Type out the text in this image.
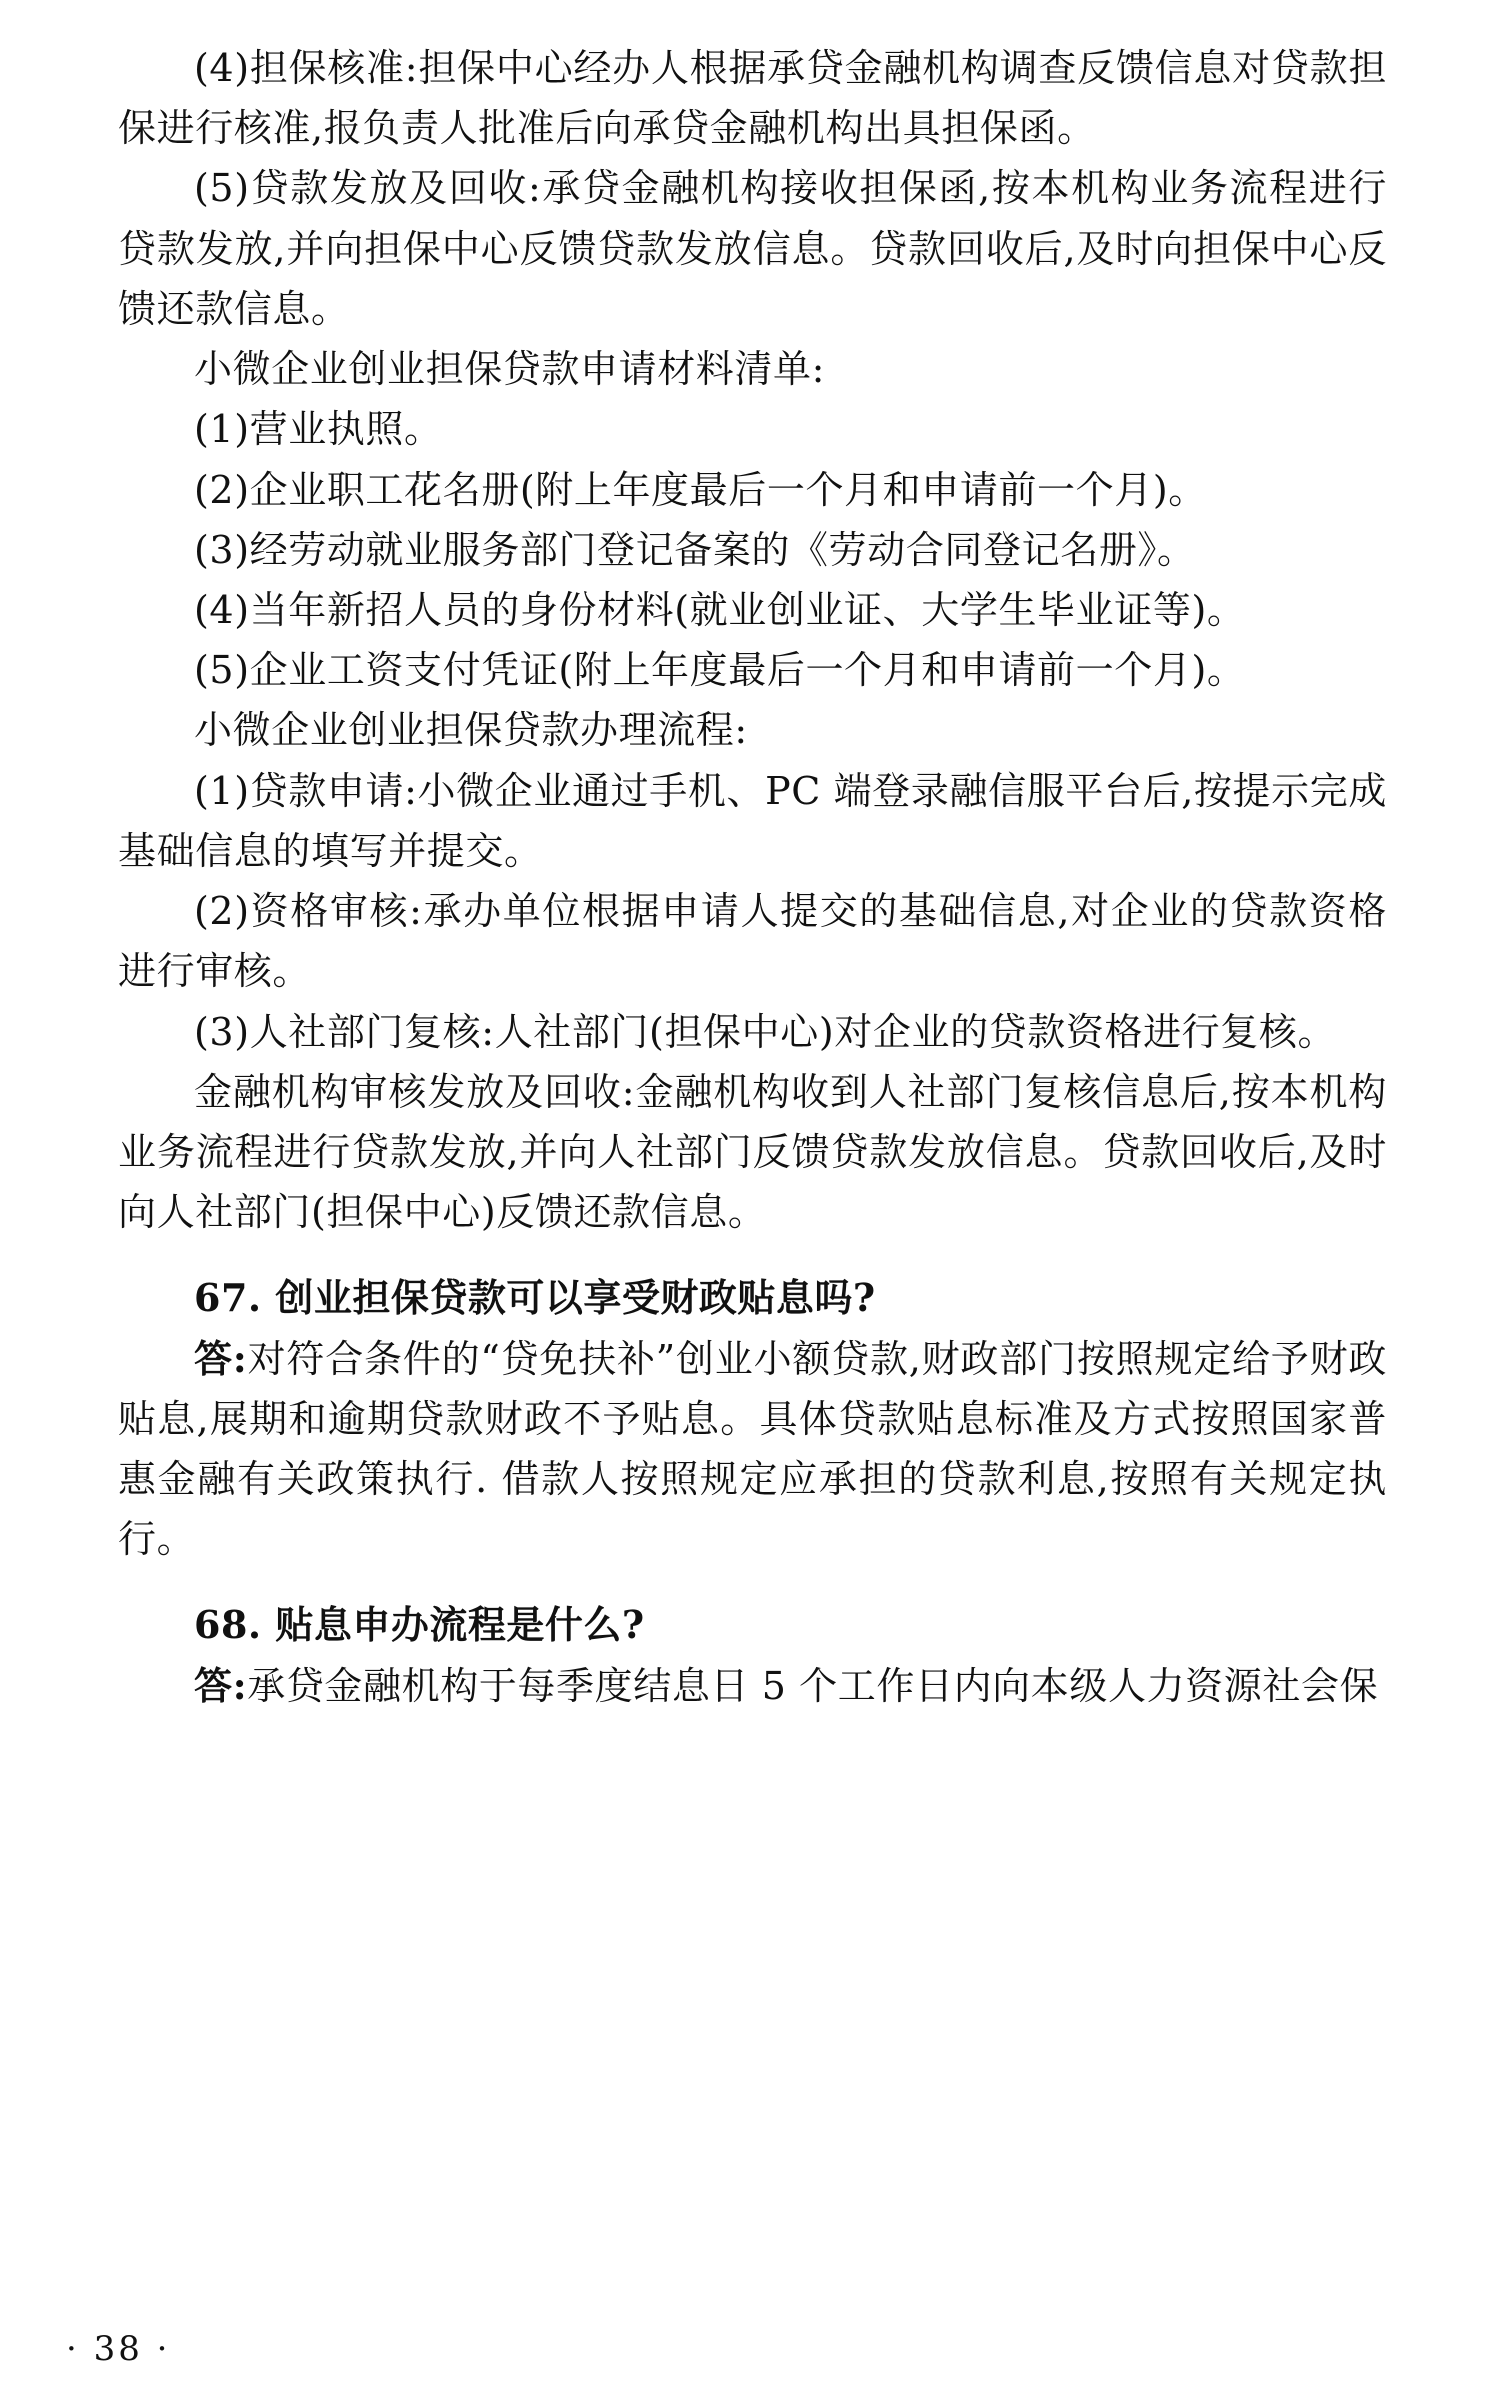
(4)担保核准:担保中心经办人根据承贷金融机构调查反馈信息对贷款担保进行核准,报负责人批准后向承贷金融机构出具担保函。

(5)贷款发放及回收:承贷金融机构接收担保函,按本机构业务流程进行贷款发放,并向担保中心反馈贷款发放信息。贷款回收后,及时向担保中心反馈还款信息。

小微企业创业担保贷款申请材料清单:

(1)营业执照。

(2)企业职工花名册(附上年度最后一个月和申请前一个月)。

(3)经劳动就业服务部门登记备案的《劳动合同登记名册》。

(4)当年新招人员的身份材料(就业创业证、大学生毕业证等)。

(5)企业工资支付凭证(附上年度最后一个月和申请前一个月)。

小微企业创业担保贷款办理流程:

(1)贷款申请:小微企业通过手机、PC 端登录融信服平台后,按提示完成基础信息的填写并提交。

(2)资格审核:承办单位根据申请人提交的基础信息,对企业的贷款资格进行审核。

(3)人社部门复核:人社部门(担保中心)对企业的贷款资格进行复核。

金融机构审核发放及回收:金融机构收到人社部门复核信息后,按本机构业务流程进行贷款发放,并向人社部门反馈贷款发放信息。贷款回收后,及时向人社部门(担保中心)反馈还款信息。

67. 创业担保贷款可以享受财政贴息吗?

答:对符合条件的“贷免扶补”创业小额贷款,财政部门按照规定给予财政贴息,展期和逾期贷款财政不予贴息。具体贷款贴息标准及方式按照国家普惠金融有关政策执行. 借款人按照规定应承担的贷款利息,按照有关规定执行。

68. 贴息申办流程是什么?

答:承贷金融机构于每季度结息日 5 个工作日内向本级人力资源社会保

· 38 ·
